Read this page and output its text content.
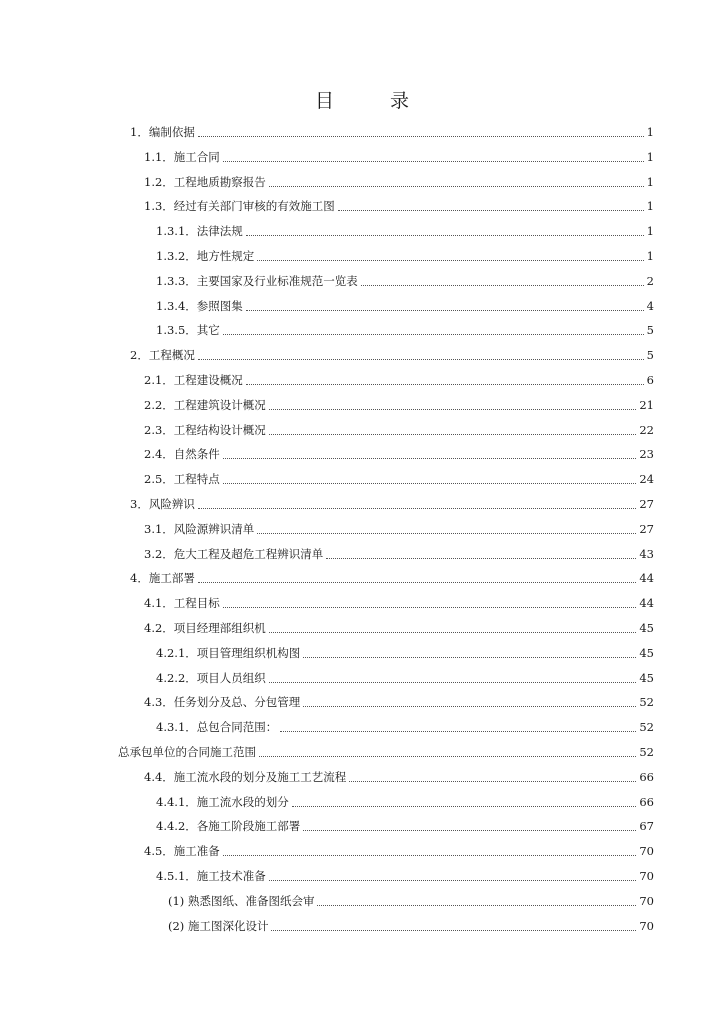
目	录
1．编制依据	1
1.1．施工合同	1
1.2．工程地质勘察报告	1
1.3．经过有关部门审核的有效施工图	1
1.3.1．法律法规	1
1.3.2．地方性规定	1
1.3.3．主要国家及行业标准规范一览表	2
1.3.4．参照图集	4
1.3.5．其它	5
2．工程概况	5
2.1．工程建设概况	6
2.2．工程建筑设计概况	21
2.3．工程结构设计概况	22
2.4．自然条件	23
2.5．工程特点	24
3．风险辨识	27
3.1．风险源辨识清单	27
3.2．危大工程及超危工程辨识清单	43
4．施工部署	44
4.1．工程目标	44
4.2．项目经理部组织机	45
4.2.1．项目管理组织机构图	45
4.2.2．项目人员组织	45
4.3．任务划分及总、分包管理	52
4.3.1．总包合同范围：	52
总承包单位的合同施工范围	52
4.4．施工流水段的划分及施工工艺流程	66
4.4.1．施工流水段的划分	66
4.4.2．各施工阶段施工部署	67
4.5．施工准备	70
4.5.1．施工技术准备	70
(1) 熟悉图纸、准备图纸会审	70
(2) 施工图深化设计	70
